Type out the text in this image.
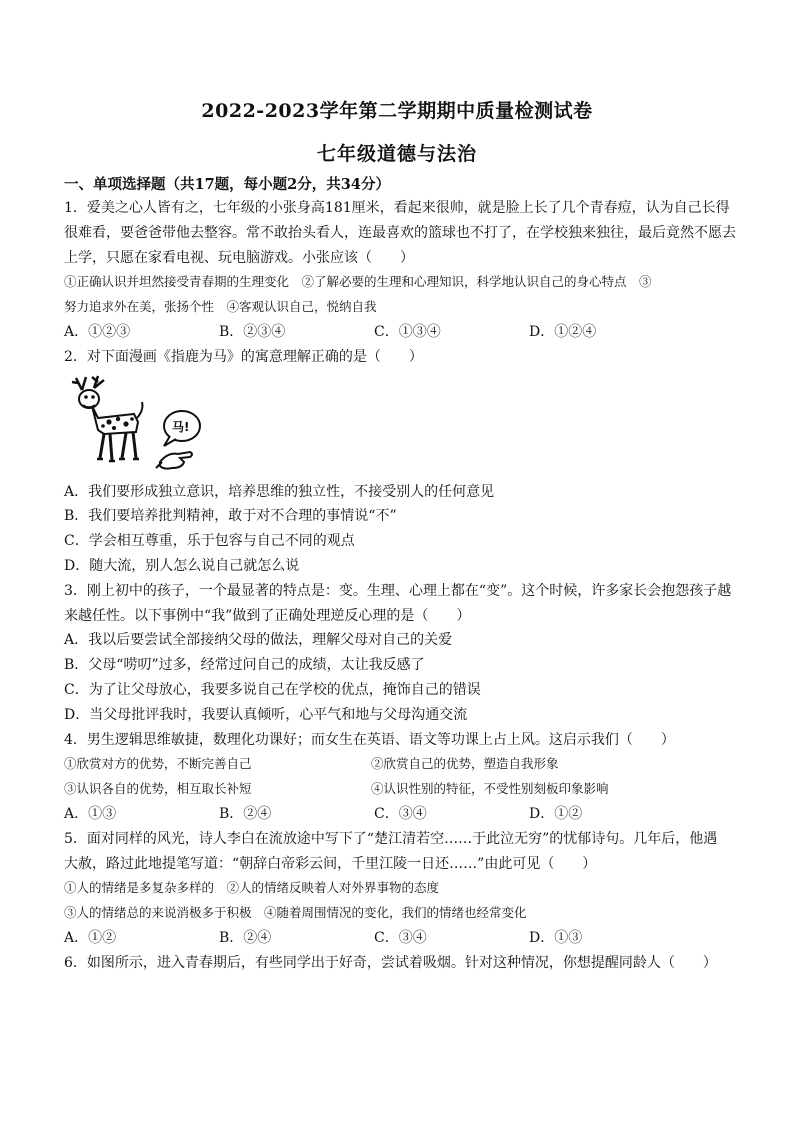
2022-2023学年第二学期期中质量检测试卷
七年级道德与法治
一、单项选择题（共17题，每小题2分，共34分）
1．爱美之心人皆有之，七年级的小张身高181厘米，看起来很帅，就是脸上长了几个青春痘，认为自己长得
很难看，要爸爸带他去整容。常不敢抬头看人，连最喜欢的篮球也不打了，在学校独来独往，最后竟然不愿去
上学，只愿在家看电视、玩电脑游戏。小张应该（　　）
①正确认识并坦然接受青春期的生理变化　②了解必要的生理和心理知识，科学地认识自己的身心特点　③
努力追求外在美，张扬个性　④客观认识自己，悦纳自我
A．①②③	B．②③④	C．①③④	D．①②④
2．对下面漫画《指鹿为马》的寓意理解正确的是（　　）
马!
A．我们要形成独立意识，培养思维的独立性，不接受别人的任何意见
B．我们要培养批判精神，敢于对不合理的事情说“不”
C．学会相互尊重，乐于包容与自己不同的观点
D．随大流，别人怎么说自己就怎么说
3．刚上初中的孩子，一个最显著的特点是：变。生理、心理上都在“变”。这个时候，许多家长会抱怨孩子越
来越任性。以下事例中“我”做到了正确处理逆反心理的是（　　）
A．我以后要尝试全部接纳父母的做法，理解父母对自己的关爱
B．父母“唠叨”过多，经常过问自己的成绩，太让我反感了
C．为了让父母放心，我要多说自己在学校的优点，掩饰自己的错误
D．当父母批评我时，我要认真倾听，心平气和地与父母沟通交流
4．男生逻辑思维敏捷，数理化功课好；而女生在英语、语文等功课上占上风。这启示我们（　　）
①欣赏对方的优势，不断完善自己	②欣赏自己的优势，塑造自我形象
③认识各自的优势，相互取长补短	④认识性别的特征，不受性别刻板印象影响
A．①③	B．②④	C．③④	D．①②
5．面对同样的风光，诗人李白在流放途中写下了“楚江清若空……于此泣无穷”的忧郁诗句。几年后，他遇
大赦，路过此地提笔写道：“朝辞白帝彩云间，千里江陵一日还……”由此可见（　　）
①人的情绪是多复杂多样的　②人的情绪反映着人对外界事物的态度
③人的情绪总的来说消极多于积极　④随着周围情况的变化，我们的情绪也经常变化
A．①②	B．②④	C．③④	D．①③
6．如图所示，进入青春期后，有些同学出于好奇，尝试着吸烟。针对这种情况，你想提醒同龄人（　　）
